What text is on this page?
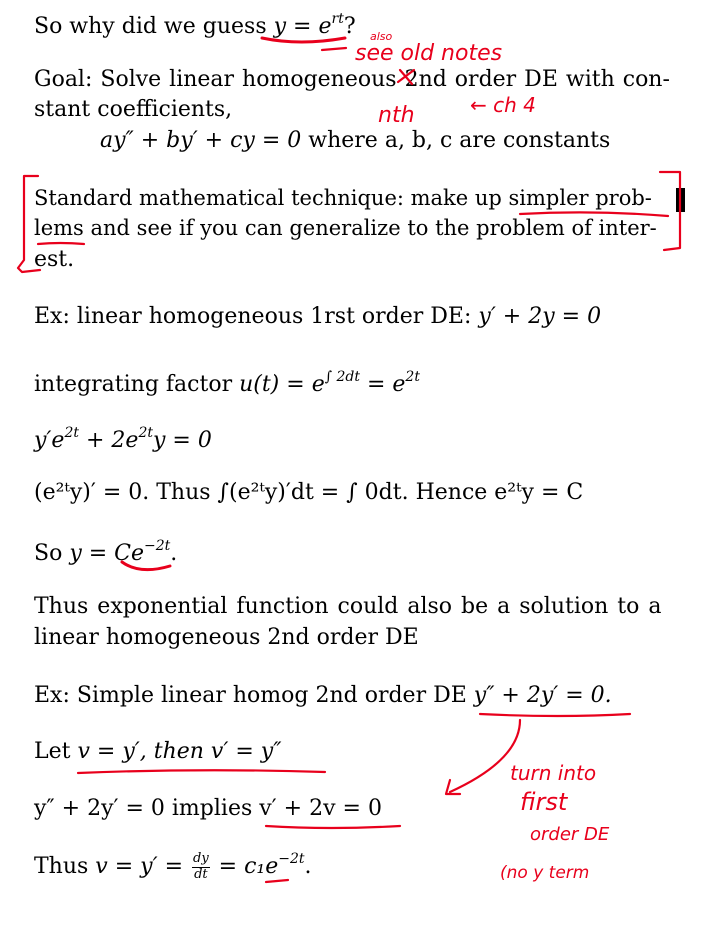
So why did we guess $y = e^{rt}$?
Goal: Solve linear homogeneous 2nd order DE with con-
stant coefficients,
ay″ + by′ + cy = 0 where a, b, c are constants
Standard mathematical technique: make up simpler prob-
lems and see if you can generalize to the problem of inter-
est.
Ex: linear homogeneous 1rst order DE: y′ + 2y = 0
integrating factor $u(t) = e^{\int 2dt} = e^{2t}$
$y'e^{2t} + 2e^{2t}y = 0$
(e²ᵗy)′ = 0. Thus ∫(e²ᵗy)′dt = ∫ 0dt. Hence e²ᵗy = C
So $y = Ce^{-2t}$.
Thus exponential function could also be a solution to a
linear homogeneous 2nd order DE
Ex: Simple linear homog 2nd order DE y″ + 2y′ = 0.
Let v = y′, then v′ = y″
y″ + 2y′ = 0 implies v′ + 2v = 0
Thus $v = y' = \frac{dy}{dt} = c_1e^{-2t}$.
also
see old notes
nth	← ch 4
turn into
first
order DE
(no y term
